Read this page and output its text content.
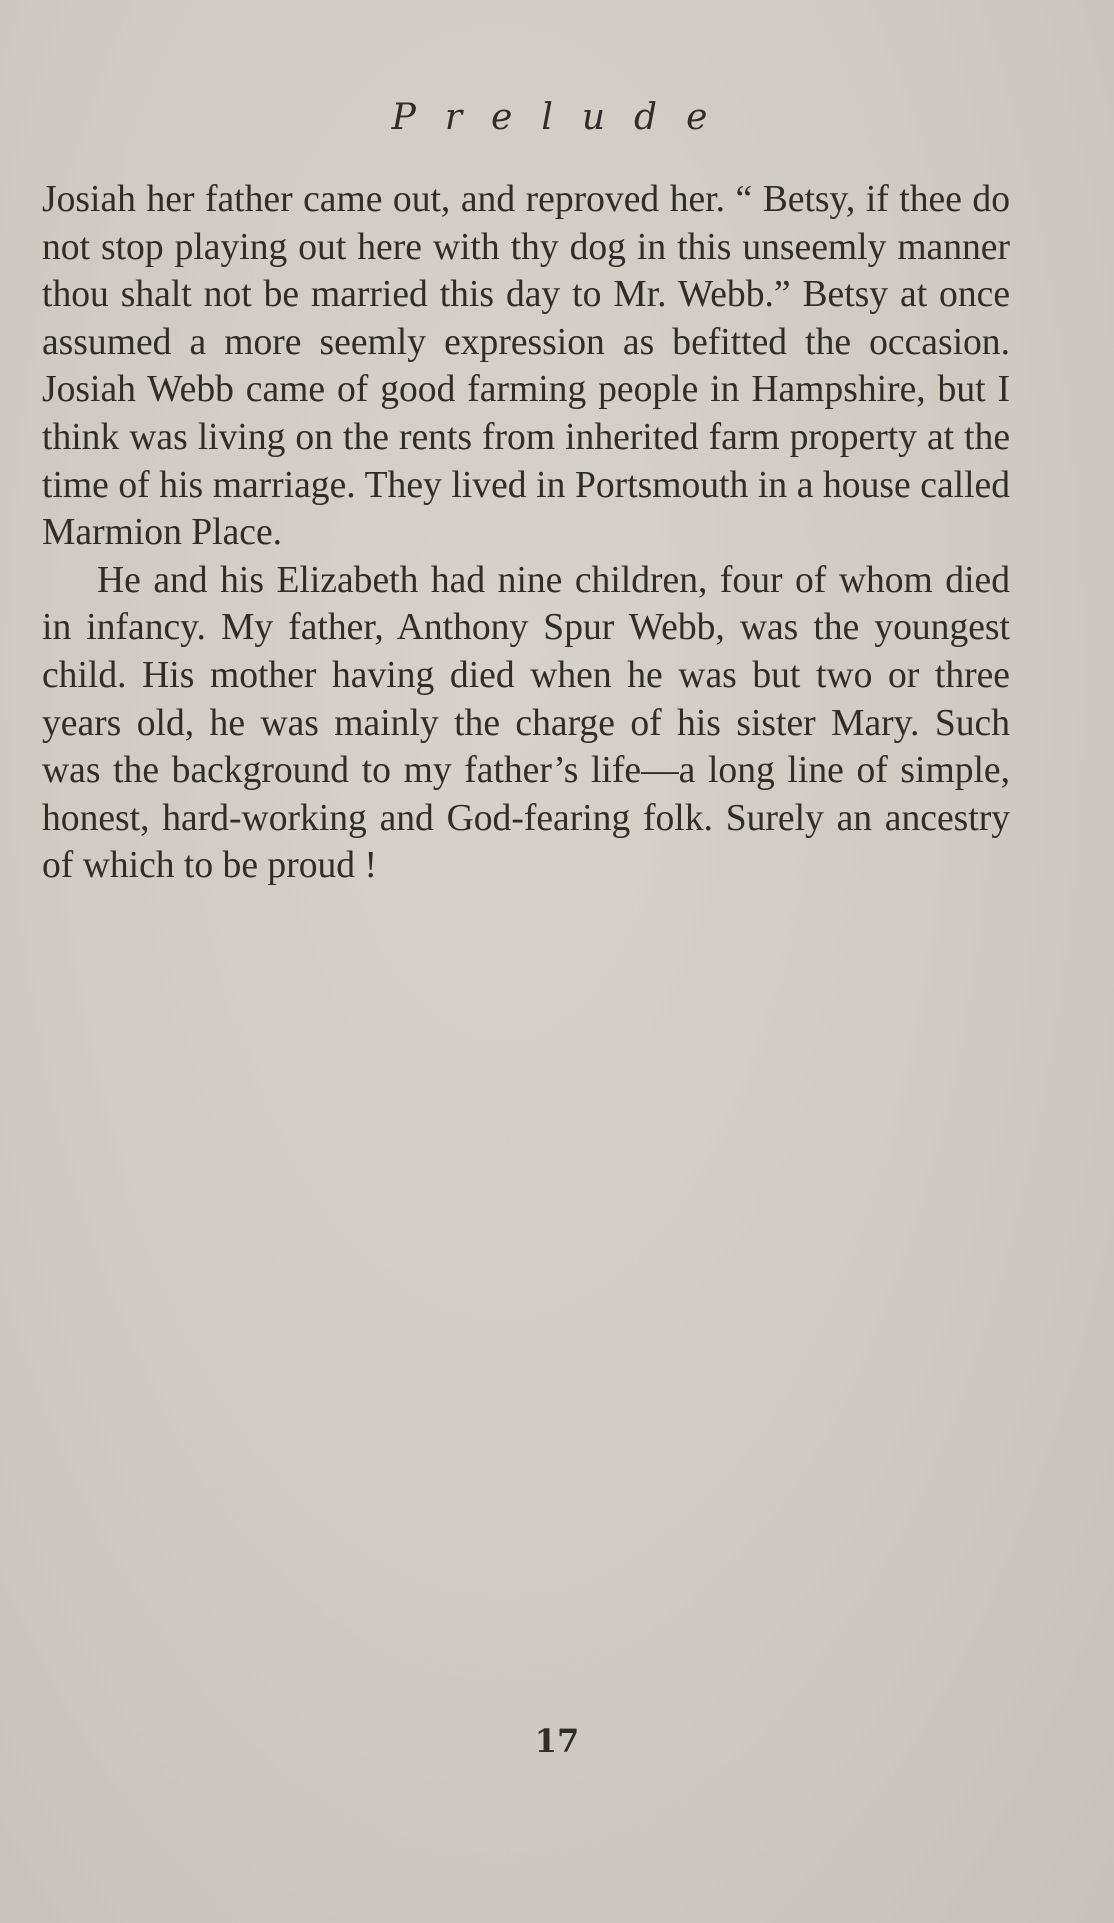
Prelude

Josiah her father came out, and reproved her. “ Betsy, if thee do not stop playing out here with thy dog in this unseemly manner thou shalt not be married this day to Mr. Webb.” Betsy at once assumed a more seemly expression as befitted the occasion. Josiah Webb came of good farming people in Hampshire, but I think was living on the rents from inherited farm property at the time of his marriage. They lived in Portsmouth in a house called Marmion Place.

He and his Elizabeth had nine children, four of whom died in infancy. My father, Anthony Spur Webb, was the youngest child. His mother having died when he was but two or three years old, he was mainly the charge of his sister Mary. Such was the background to my father’s life—a long line of simple, honest, hard-working and God-fearing folk. Surely an ancestry of which to be proud !

17
